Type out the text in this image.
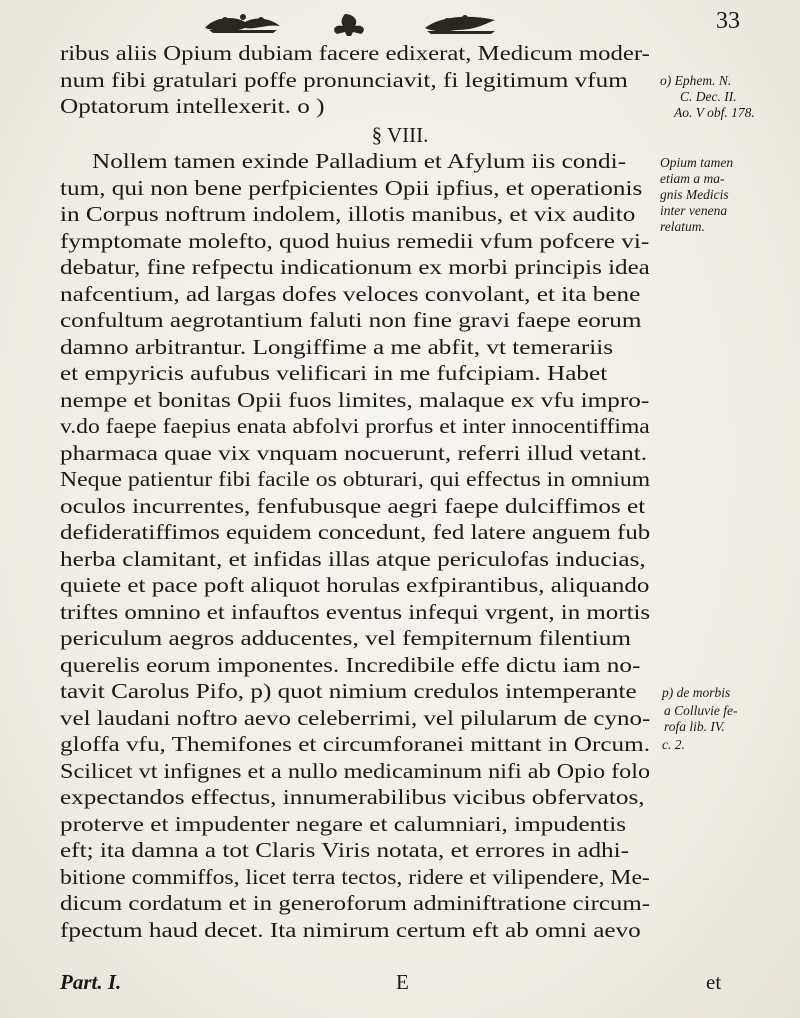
33
ribus aliis Opium dubiam facere edixerat, Medicum moder-
num fibi gratulari poffe pronunciavit, fi legitimum vfum
Optatorum intellexerit. o )
§ VIII.
Nollem tamen exinde Palladium et Afylum iis condi-
tum, qui non bene perfpicientes Opii ipfius, et operationis
in Corpus noftrum indolem, illotis manibus, et vix audito
fymptomate molefto, quod huius remedii vfum pofcere vi-
debatur, fine refpectu indicationum ex morbi principis idea
nafcentium, ad largas dofes veloces convolant, et ita bene
confultum aegrotantium faluti non fine gravi faepe eorum
damno arbitrantur. Longiffime a me abfit, vt temerariis
et empyricis aufubus velificari in me fufcipiam. Habet
nempe et bonitas Opii fuos limites, malaque ex vfu impro-
v.do faepe faepius enata abfolvi prorfus et inter innocentiffima
pharmaca quae vix vnquam nocuerunt, referri illud vetant.
Neque patientur fibi facile os obturari, qui effectus in omnium
oculos incurrentes, fenfubusque aegri faepe dulciffimos et
defideratiffimos equidem concedunt, fed latere anguem fub
herba clamitant, et infidas illas atque periculofas inducias,
quiete et pace poft aliquot horulas exfpirantibus, aliquando
triftes omnino et infauftos eventus infequi vrgent, in mortis
periculum aegros adducentes, vel fempiternum filentium
querelis eorum imponentes. Incredibile effe dictu iam no-
tavit Carolus Pifo, p) quot nimium credulos intemperante
vel laudani noftro aevo celeberrimi, vel pilularum de cyno-
gloffa vfu, Themifones et circumforanei mittant in Orcum.
Scilicet vt infignes et a nullo medicaminum nifi ab Opio folo
expectandos effectus, innumerabilibus vicibus obfervatos,
proterve et impudenter negare et calumniari, impudentis
eft; ita damna a tot Claris Viris notata, et errores in adhi-
bitione commiffos, licet terra tectos, ridere et vilipendere, Me-
dicum cordatum et in generoforum adminiftratione circum-
fpectum haud decet. Ita nimirum certum eft ab omni aevo
o) Ephem. N.
C. Dec. II.
Ao. V obf. 178.
Opium tamen
etiam a ma-
gnis Medicis
inter venena
relatum.
p) de morbis
a Colluvie fe-
rofa lib. IV.
c. 2.
Part. I.	E	et
